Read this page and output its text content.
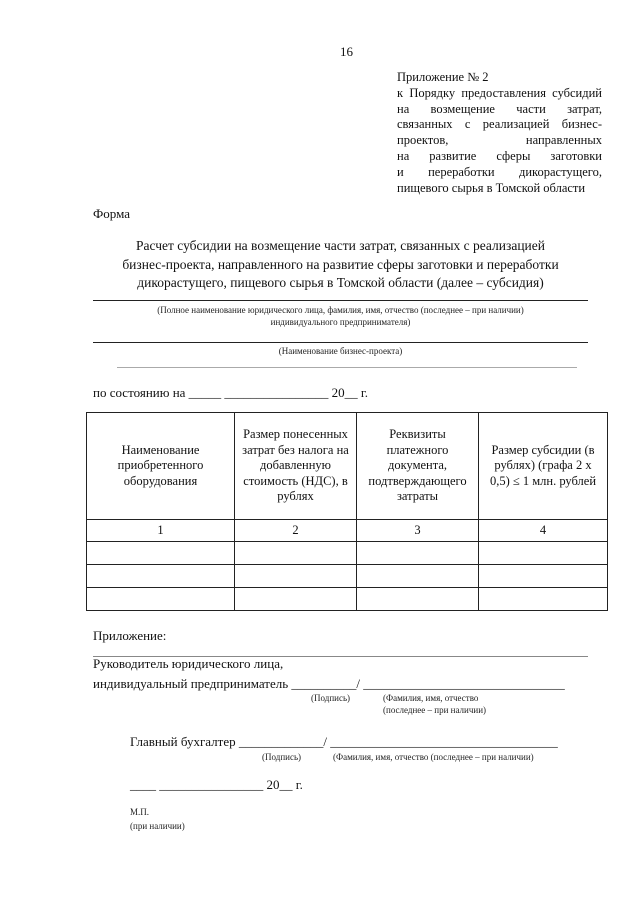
16
Приложение № 2
к Порядку предоставления субсидий
на возмещение части затрат,
связанных с реализацией бизнес-
проектов, направленных
на развитие сферы заготовки
и переработки дикорастущего,
пищевого сырья в Томской области
Форма
Расчет субсидии на возмещение части затрат, связанных с реализацией
бизнес-проекта, направленного на развитие сферы заготовки и переработки
дикорастущего, пищевого сырья в Томской области (далее – субсидия)
(Полное наименование юридического лица, фамилия, имя, отчество (последнее – при наличии)
индивидуального предпринимателя)
(Наименование бизнес-проекта)
по состоянию на _____ ________________ 20__ г.
Наименование приобретенного оборудования	Размер понесенных затрат без налога на добавленную стоимость (НДС), в рублях	Реквизиты платежного документа, подтверждающего затраты	Размер субсидии (в рублях) (графа 2 x 0,5) ≤ 1 млн. рублей
1	2	3	4

Приложение:
Руководитель юридического лица,
индивидуальный предприниматель __________/ _______________________________
(Подпись)	(Фамилия, имя, отчество
(последнее – при наличии)
Главный бухгалтер _____________/ ___________________________________
(Подпись)	(Фамилия, имя, отчество (последнее – при наличии)
____ ________________ 20__ г.
М.П.
(при наличии)
